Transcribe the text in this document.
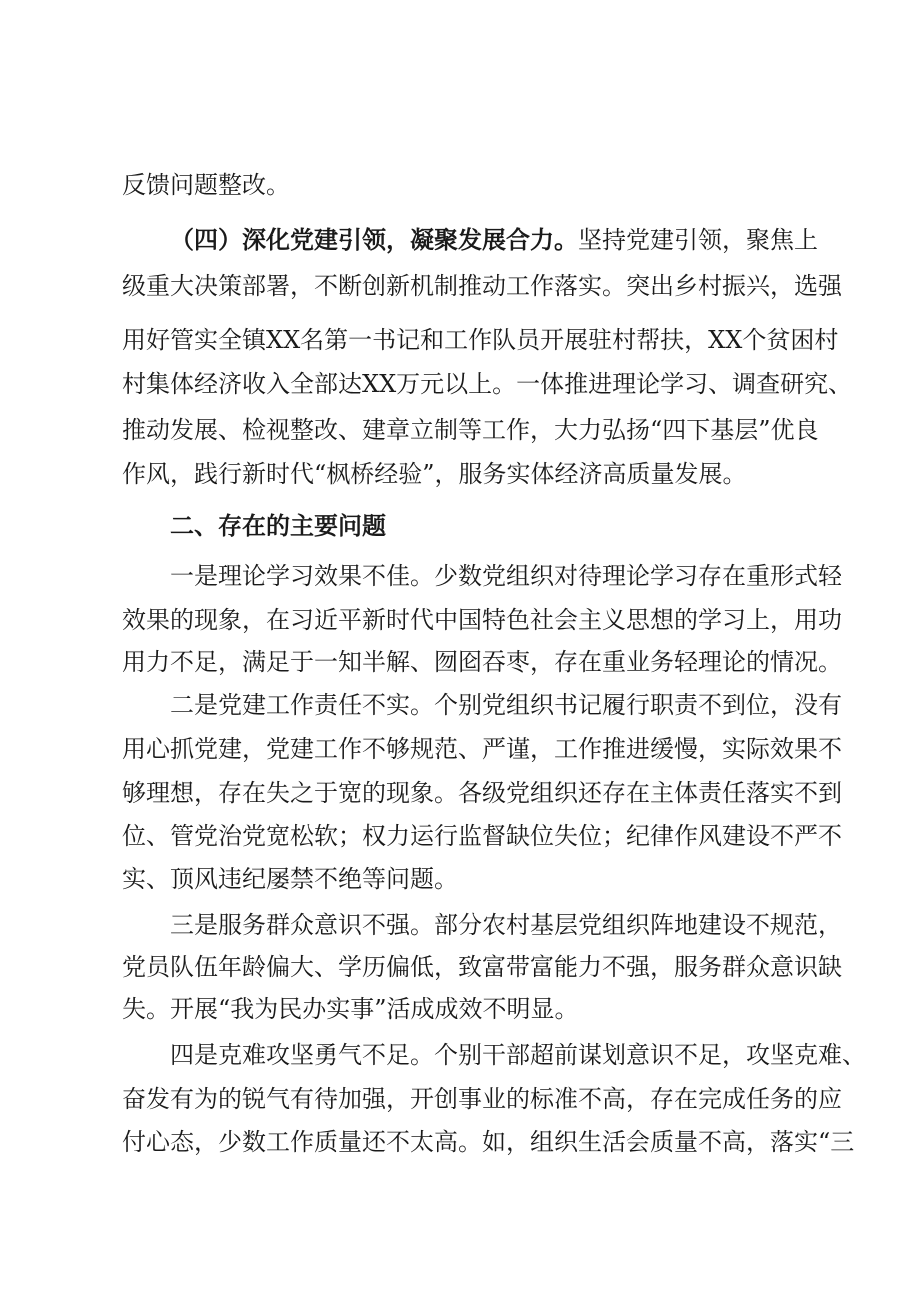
反馈问题整改。

（四）深化党建引领，凝聚发展合力。坚持党建引领，聚焦上

级重大决策部署，不断创新机制推动工作落实。突出乡村振兴，选强

用好管实全镇XX名第一书记和工作队员开展驻村帮扶，XX个贫困村

村集体经济收入全部达XX万元以上。一体推进理论学习、调查研究、

推动发展、检视整改、建章立制等工作，大力弘扬“四下基层”优良

作风，践行新时代“枫桥经验”，服务实体经济高质量发展。

二、存在的主要问题

一是理论学习效果不佳。少数党组织对待理论学习存在重形式轻

效果的现象，在习近平新时代中国特色社会主义思想的学习上，用功

用力不足，满足于一知半解、囫囵吞枣，存在重业务轻理论的情况。

二是党建工作责任不实。个别党组织书记履行职责不到位，没有

用心抓党建，党建工作不够规范、严谨，工作推进缓慢，实际效果不

够理想，存在失之于宽的现象。各级党组织还存在主体责任落实不到

位、管党治党宽松软；权力运行监督缺位失位；纪律作风建设不严不

实、顶风违纪屡禁不绝等问题。

三是服务群众意识不强。部分农村基层党组织阵地建设不规范，

党员队伍年龄偏大、学历偏低，致富带富能力不强，服务群众意识缺

失。开展“我为民办实事”活成成效不明显。

四是克难攻坚勇气不足。个别干部超前谋划意识不足，攻坚克难、

奋发有为的锐气有待加强，开创事业的标准不高，存在完成任务的应

付心态，少数工作质量还不太高。如，组织生活会质量不高，落实“三
